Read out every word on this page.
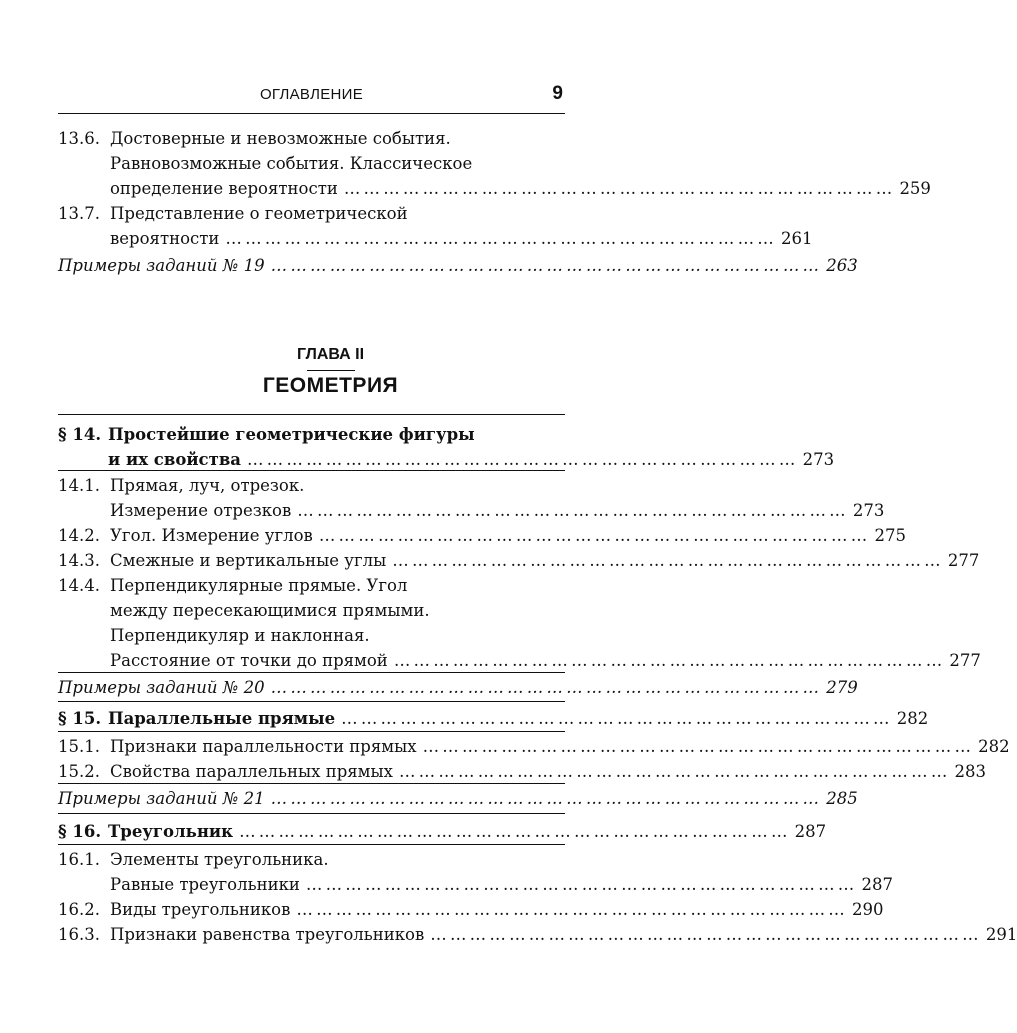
ОГЛАВЛЕНИЕ	9
13.6. Достоверные и невозможные события.
Равновозможные события. Классическое
определение вероятности ………………………………………………………………………… 259
13.7. Представление о геометрической
вероятности ………………………………………………………………………… 261
Примеры заданий № 19 ………………………………………………………………………… 263
ГЛАВА II
ГЕОМЕТРИЯ
§ 14. Простейшие геометрические фигуры
и их свойства ………………………………………………………………………… 273
14.1. Прямая, луч, отрезок.
Измерение отрезков ………………………………………………………………………… 273
14.2. Угол. Измерение углов ………………………………………………………………………… 275
14.3. Смежные и вертикальные углы ………………………………………………………………………… 277
14.4. Перпендикулярные прямые. Угол
между пересекающимися прямыми.
Перпендикуляр и наклонная.
Расстояние от точки до прямой ………………………………………………………………………… 277
Примеры заданий № 20 ………………………………………………………………………… 279
§ 15. Параллельные прямые ………………………………………………………………………… 282
15.1. Признаки параллельности прямых ………………………………………………………………………… 282
15.2. Свойства параллельных прямых ………………………………………………………………………… 283
Примеры заданий № 21 ………………………………………………………………………… 285
§ 16. Треугольник ………………………………………………………………………… 287
16.1. Элементы треугольника.
Равные треугольники ………………………………………………………………………… 287
16.2. Виды треугольников ………………………………………………………………………… 290
16.3. Признаки равенства треугольников ………………………………………………………………………… 291
